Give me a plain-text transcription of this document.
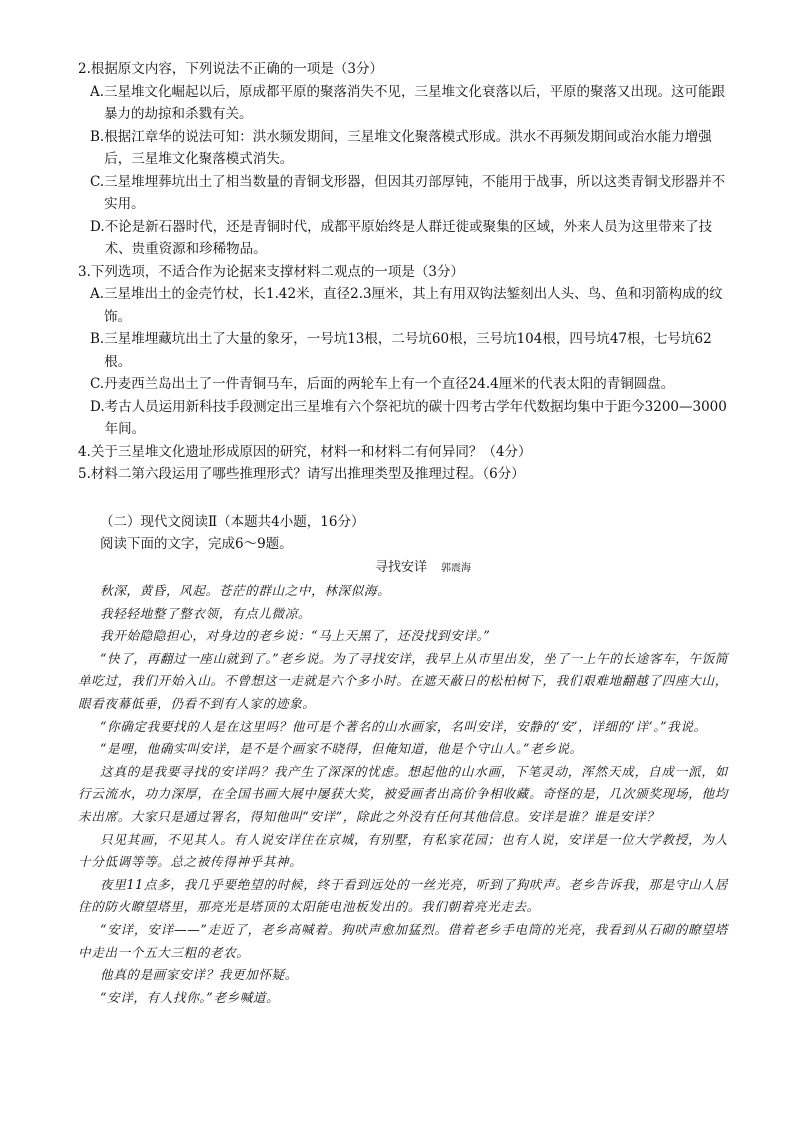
2.根据原文内容，下列说法不正确的一项是（3分）
A. 三星堆文化崛起以后，原成都平原的聚落消失不见，三星堆文化衰落以后，平原的聚落又出现。这可能跟暴力的劫掠和杀戮有关。
B. 根据江章华的说法可知：洪水频发期间，三星堆文化聚落模式形成。洪水不再频发期间或治水能力增强后，三星堆文化聚落模式消失。
C. 三星堆埋葬坑出土了相当数量的青铜戈形器，但因其刃部厚钝，不能用于战事，所以这类青铜戈形器并不实用。
D. 不论是新石器时代，还是青铜时代，成都平原始终是人群迁徙或聚集的区域，外来人员为这里带来了技术、贵重资源和珍稀物品。
3.下列选项，不适合作为论据来支撑材料二观点的一项是（3分）
A. 三星堆出土的金壳竹杖，长1.42米，直径2.3厘米，其上有用双钩法錾刻出人头、鸟、鱼和羽箭构成的纹饰。
B. 三星堆埋藏坑出土了大量的象牙，一号坑13根，二号坑60根，三号坑104根，四号坑47根，七号坑62根。
C. 丹麦西兰岛出土了一件青铜马车，后面的两轮车上有一个直径24.4厘米的代表太阳的青铜圆盘。
D. 考古人员运用新科技手段测定出三星堆有六个祭祀坑的碳十四考古学年代数据均集中于距今3200—3000年间。
4.关于三星堆文化遗址形成原因的研究，材料一和材料二有何异同？（4分）
5.材料二第六段运用了哪些推理形式？请写出推理类型及推理过程。（6分）
（二）现代文阅读Ⅱ（本题共4小题，16分）
阅读下面的文字，完成6～9题。
寻找安详 郭震海
秋深，黄昏，风起。苍茫的群山之中，林深似海。
我轻轻地整了整衣领，有点儿微凉。
我开始隐隐担心，对身边的老乡说：“马上天黑了，还没找到安详。”
“快了，再翻过一座山就到了。”老乡说。为了寻找安详，我早上从市里出发，坐了一上午的长途客车，午饭简单吃过，我们开始入山。不曾想这一走就是六个多小时。在遮天蔽日的松柏树下，我们艰难地翻越了四座大山，眼看夜幕低垂，仍看不到有人家的迹象。
“你确定我要找的人是在这里吗？他可是个著名的山水画家，名叫安详，安静的‘安’，详细的‘详’。”我说。
“是哩，他确实叫安详，是不是个画家不晓得，但俺知道，他是个守山人。”老乡说。
这真的是我要寻找的安详吗？我产生了深深的忧虑。想起他的山水画，下笔灵动，浑然天成，自成一派，如行云流水，功力深厚，在全国书画大展中屡获大奖，被爱画者出高价争相收藏。奇怪的是，几次颁奖现场，他均未出席。大家只是通过署名，得知他叫“安详”，除此之外没有任何其他信息。安详是谁？谁是安详？
只见其画，不见其人。有人说安详住在京城，有别墅，有私家花园；也有人说，安详是一位大学教授，为人十分低调等等。总之被传得神乎其神。
夜里11点多，我几乎要绝望的时候，终于看到远处的一丝光亮，听到了狗吠声。老乡告诉我，那是守山人居住的防火瞭望塔里，那亮光是塔顶的太阳能电池板发出的。我们朝着亮光走去。
“安详，安详——”走近了，老乡高喊着。狗吠声愈加猛烈。借着老乡手电筒的光亮，我看到从石砌的瞭望塔中走出一个五大三粗的老农。
他真的是画家安详？我更加怀疑。
“安详，有人找你。”老乡喊道。
